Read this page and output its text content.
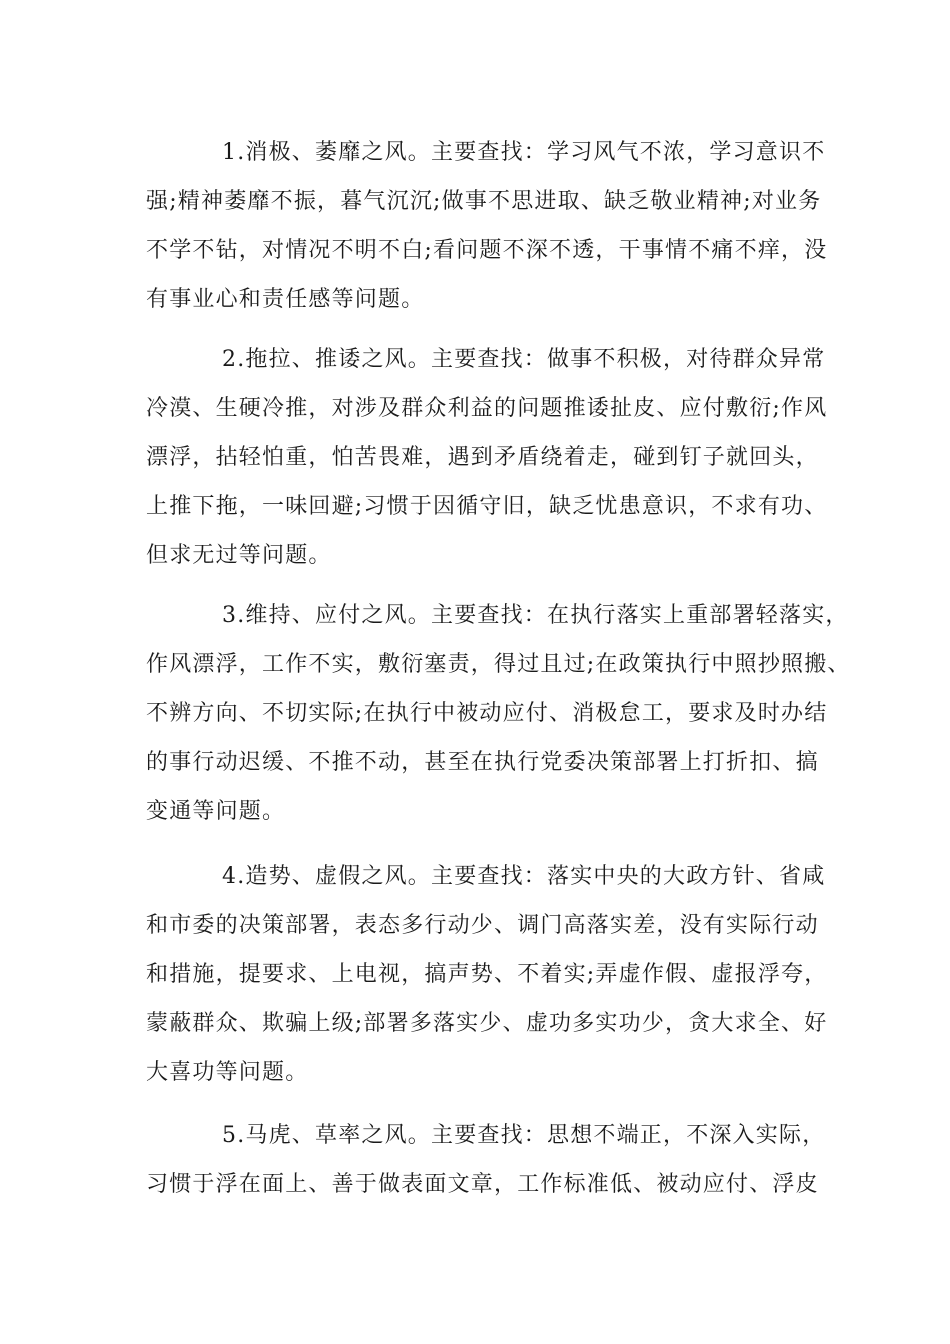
1.消极、萎靡之风。主要查找：学习风气不浓，学习意识不
强;精神萎靡不振，暮气沉沉;做事不思进取、缺乏敬业精神;对业务
不学不钻，对情况不明不白;看问题不深不透，干事情不痛不痒，没
有事业心和责任感等问题。
2.拖拉、推诿之风。主要查找：做事不积极，对待群众异常
冷漠、生硬冷推，对涉及群众利益的问题推诿扯皮、应付敷衍;作风
漂浮，拈轻怕重，怕苦畏难，遇到矛盾绕着走，碰到钉子就回头，
上推下拖，一味回避;习惯于因循守旧，缺乏忧患意识，不求有功、
但求无过等问题。
3.维持、应付之风。主要查找：在执行落实上重部署轻落实，
作风漂浮，工作不实，敷衍塞责，得过且过;在政策执行中照抄照搬、
不辨方向、不切实际;在执行中被动应付、消极怠工，要求及时办结
的事行动迟缓、不推不动，甚至在执行党委决策部署上打折扣、搞
变通等问题。
4.造势、虚假之风。主要查找：落实中央的大政方针、省咸
和市委的决策部署，表态多行动少、调门高落实差，没有实际行动
和措施，提要求、上电视，搞声势、不着实;弄虚作假、虚报浮夸，
蒙蔽群众、欺骗上级;部署多落实少、虚功多实功少，贪大求全、好
大喜功等问题。
5.马虎、草率之风。主要查找：思想不端正，不深入实际，
习惯于浮在面上、善于做表面文章，工作标准低、被动应付、浮皮
